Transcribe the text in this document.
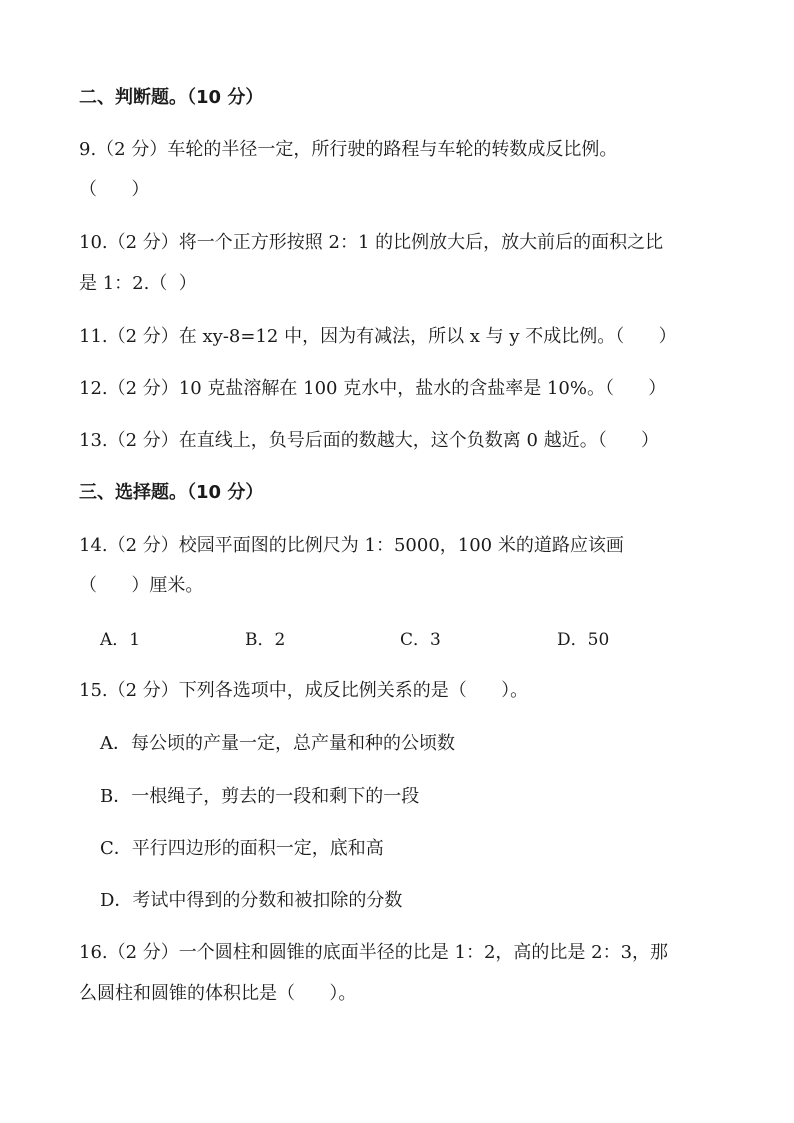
二、判断题。（10 分）
9.（2 分）车轮的半径一定，所行驶的路程与车轮的转数成反比例。
（      ）
10.（2 分）将一个正方形按照 2：1 的比例放大后，放大前后的面积之比
是 1：2.（  ）
11.（2 分）在 xy-8=12 中，因为有减法，所以 x 与 y 不成比例。（      ）
12.（2 分）10 克盐溶解在 100 克水中，盐水的含盐率是 10%。（      ）
13.（2 分）在直线上，负号后面的数越大，这个负数离 0 越近。（      ）
三、选择题。（10 分）
14.（2 分）校园平面图的比例尺为 1：5000，100 米的道路应该画
（      ）厘米。
A．1	B．2	C．3	D．50
15.（2 分）下列各选项中，成反比例关系的是（      ）。
A．每公顷的产量一定，总产量和种的公顷数
B．一根绳子，剪去的一段和剩下的一段
C．平行四边形的面积一定，底和高
D．考试中得到的分数和被扣除的分数
16.（2 分）一个圆柱和圆锥的底面半径的比是 1：2，高的比是 2：3，那
么圆柱和圆锥的体积比是（      ）。
